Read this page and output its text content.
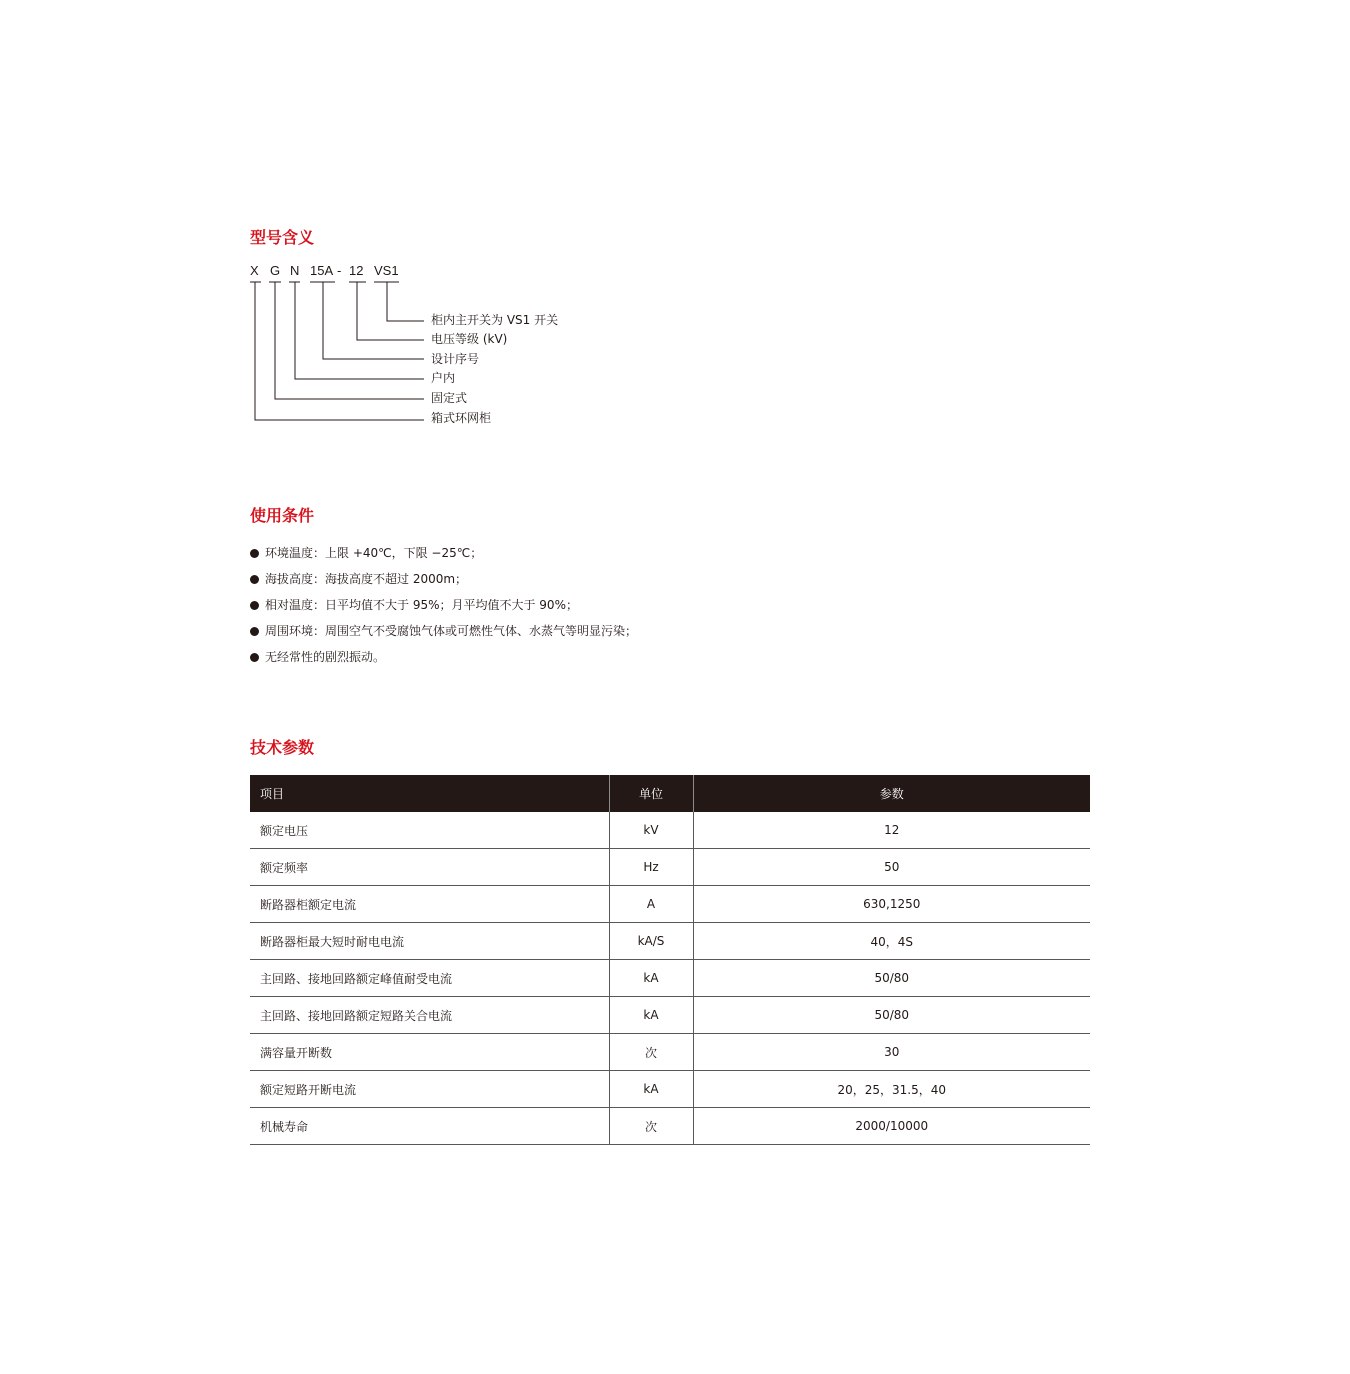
型号含义
X G N 15A - 12 VS1
柜内主开关为 VS1 开关
电压等级 (kV)
设计序号
户内
固定式
箱式环网柜
使用条件
环境温度：上限 +40℃，下限 −25℃；
海拔高度：海拔高度不超过 2000m；
相对温度：日平均值不大于 95%；月平均值不大于 90%；
周围环境：周围空气不受腐蚀气体或可燃性气体、水蒸气等明显污染；
无经常性的剧烈振动。
技术参数
项目	单位	参数
额定电压	kV	12
额定频率	Hz	50
断路器柜额定电流	A	630,1250
断路器柜最大短时耐电电流	kA/S	40，4S
主回路、接地回路额定峰值耐受电流	kA	50/80
主回路、接地回路额定短路关合电流	kA	50/80
满容量开断数	次	30
额定短路开断电流	kA	20，25，31.5，40
机械寿命	次	2000/10000
